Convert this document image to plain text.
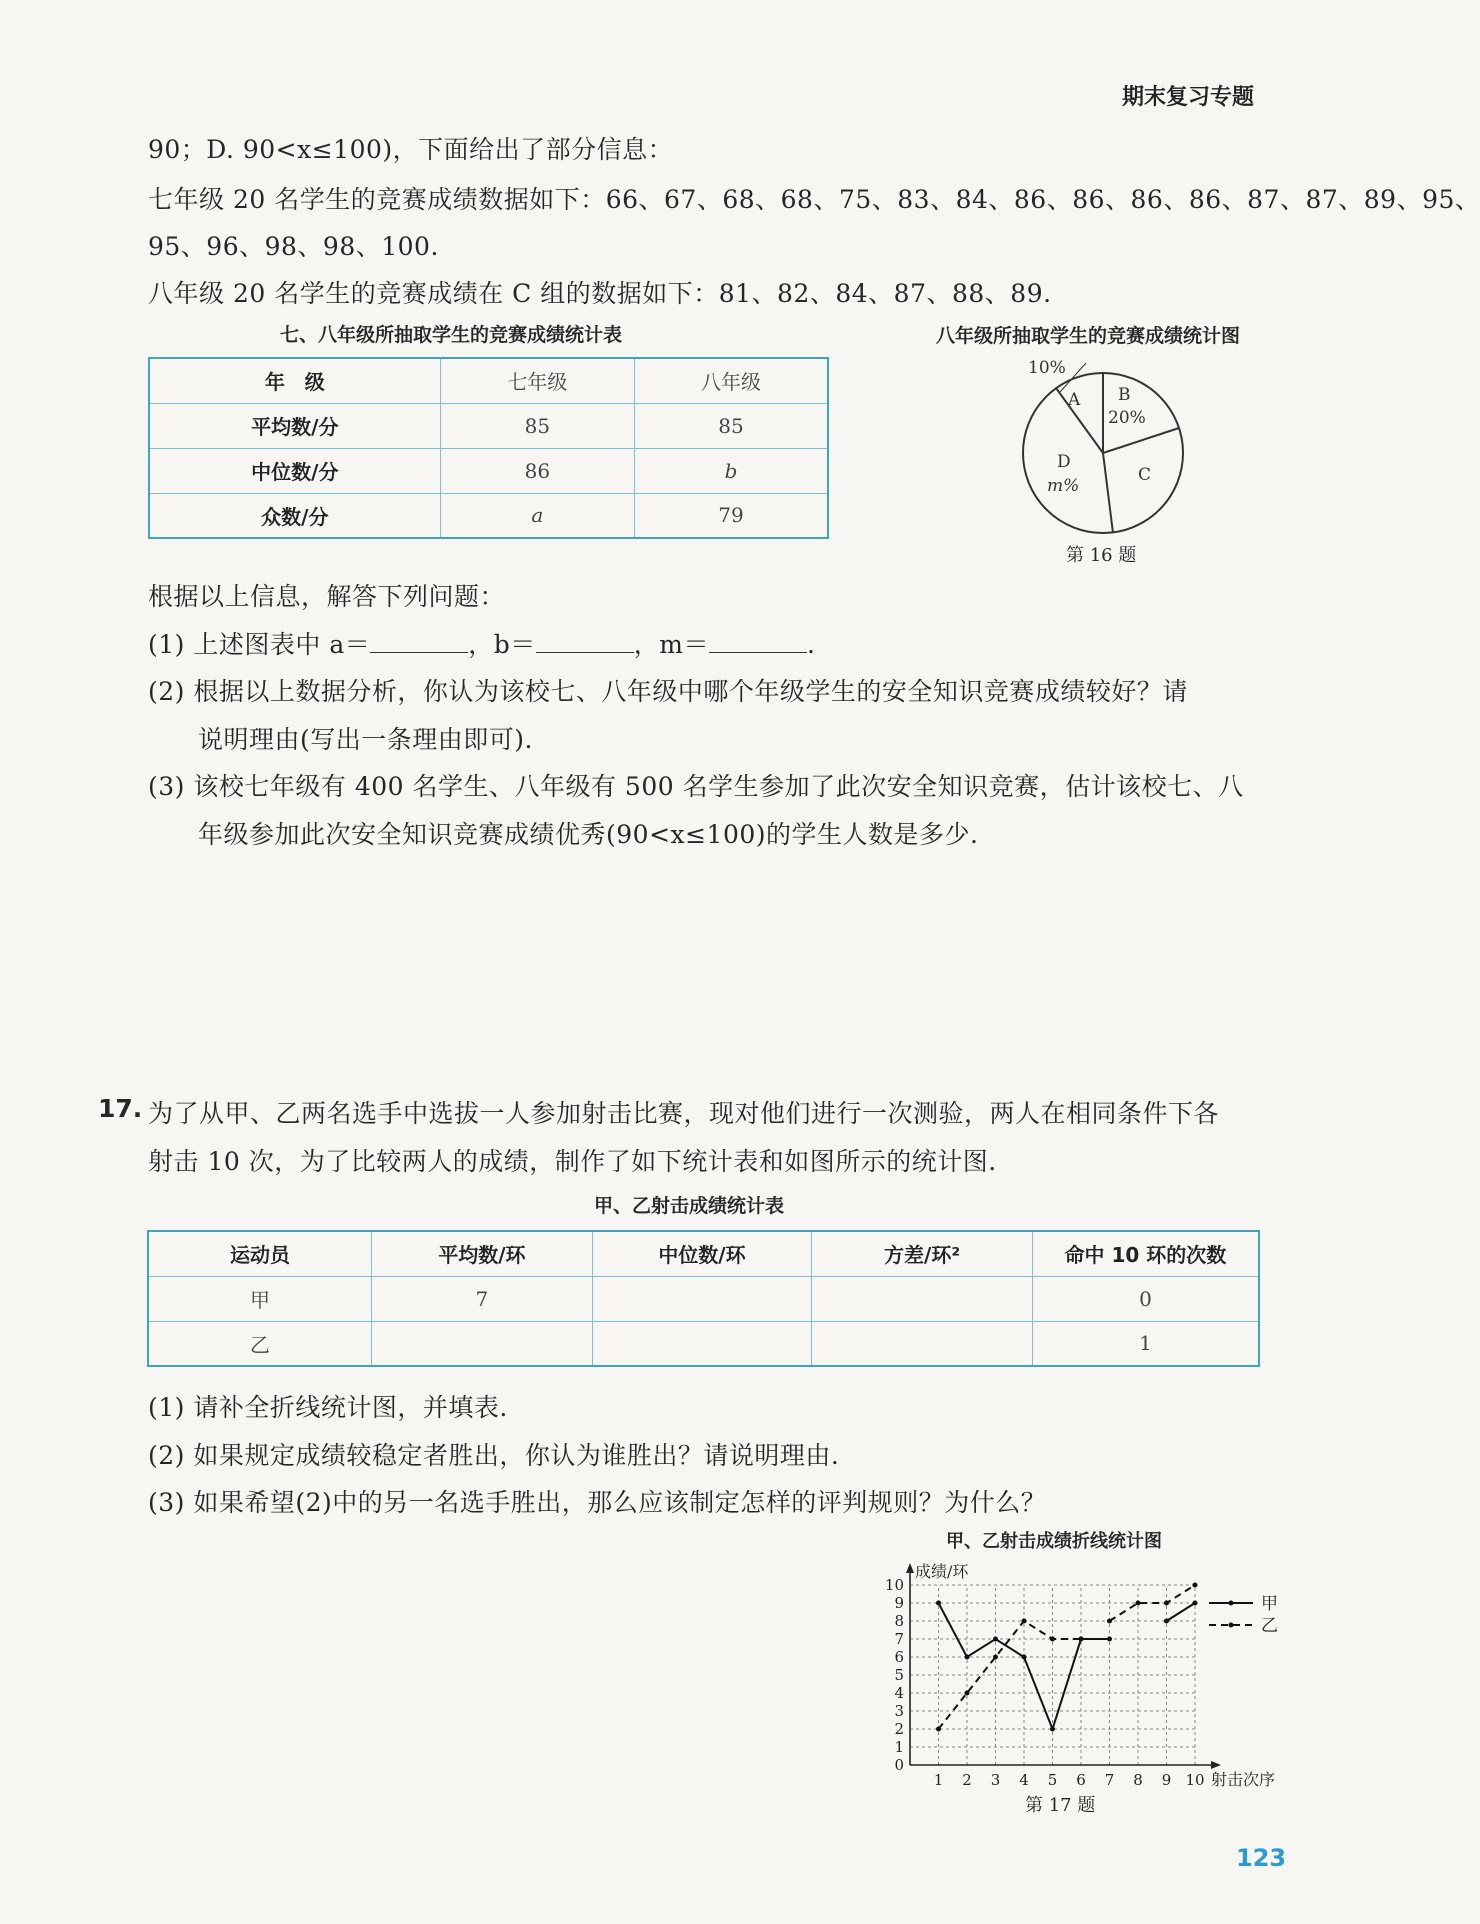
期末复习专题
90；D. 90<x≤100)，下面给出了部分信息：
七年级 20 名学生的竞赛成绩数据如下：66、67、68、68、75、83、84、86、86、86、86、87、87、89、95、
95、96、98、98、100.
八年级 20 名学生的竞赛成绩在 C 组的数据如下：81、82、84、87、88、89.
七、八年级所抽取学生的竞赛成绩统计表
年　级	七年级	八年级
平均数/分	85	85
中位数/分	86	b
众数/分	a	79
八年级所抽取学生的竞赛成绩统计图
10%
A B
20%
C
D
m%
第 16 题
根据以上信息，解答下列问题：
(1) 上述图表中 a＝	，b＝	，m＝	.
(2) 根据以上数据分析，你认为该校七、八年级中哪个年级学生的安全知识竞赛成绩较好？请
说明理由(写出一条理由即可).
(3) 该校七年级有 400 名学生、八年级有 500 名学生参加了此次安全知识竞赛，估计该校七、八
年级参加此次安全知识竞赛成绩优秀(90<x≤100)的学生人数是多少.
17. 为了从甲、乙两名选手中选拔一人参加射击比赛，现对他们进行一次测验，两人在相同条件下各
射击 10 次，为了比较两人的成绩，制作了如下统计表和如图所示的统计图.
甲、乙射击成绩统计表
运动员	平均数/环	中位数/环	方差/环²	命中 10 环的次数
甲	7			0
乙				1
(1) 请补全折线统计图，并填表.
(2) 如果规定成绩较稳定者胜出，你认为谁胜出？请说明理由.
(3) 如果希望(2)中的另一名选手胜出，那么应该制定怎样的评判规则？为什么？
甲、乙射击成绩折线统计图
0
1
2
3
4
5
6
7
8
9
10
1 2 3 4 5 6 7 8 9 10
成绩/环
射击次序
甲
乙
第 17 题
123
